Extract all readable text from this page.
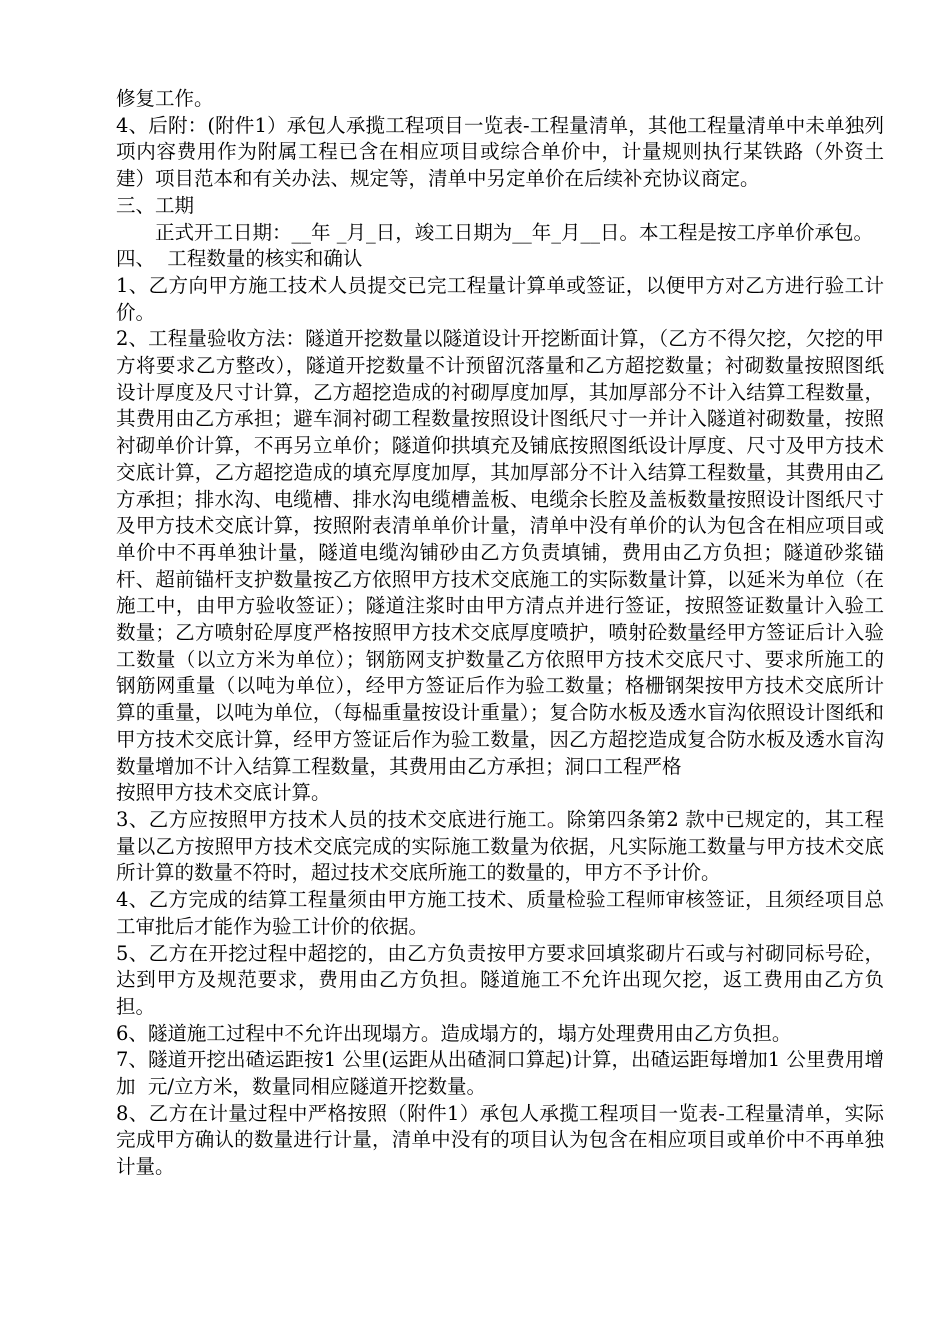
修复工作。

4、后附：(附件1）承包人承揽工程项目一览表-工程量清单，其他工程量清单中未单独列项内容费用作为附属工程已含在相应项目或综合单价中，计量规则执行某铁路（外资土建）项目范本和有关办法、规定等，清单中另定单价在后续补充协议商定。

三、工期

正式开工日期：__年 _月_日，竣工日期为__年_月__日。本工程是按工序单价承包。

四、  工程数量的核实和确认

1、乙方向甲方施工技术人员提交已完工程量计算单或签证，以便甲方对乙方进行验工计价。

2、工程量验收方法：隧道开挖数量以隧道设计开挖断面计算，（乙方不得欠挖，欠挖的甲方将要求乙方整改），隧道开挖数量不计预留沉落量和乙方超挖数量；衬砌数量按照图纸设计厚度及尺寸计算，乙方超挖造成的衬砌厚度加厚，其加厚部分不计入结算工程数量，其费用由乙方承担；避车洞衬砌工程数量按照设计图纸尺寸一并计入隧道衬砌数量，按照衬砌单价计算，不再另立单价；隧道仰拱填充及铺底按照图纸设计厚度、尺寸及甲方技术交底计算，乙方超挖造成的填充厚度加厚，其加厚部分不计入结算工程数量，其费用由乙方承担；排水沟、电缆槽、排水沟电缆槽盖板、电缆余长腔及盖板数量按照设计图纸尺寸及甲方技术交底计算，按照附表清单单价计量，清单中没有单价的认为包含在相应项目或单价中不再单独计量，隧道电缆沟铺砂由乙方负责填铺，费用由乙方负担；隧道砂浆锚杆、超前锚杆支护数量按乙方依照甲方技术交底施工的实际数量计算，以延米为单位（在施工中，由甲方验收签证）；隧道注浆时由甲方清点并进行签证，按照签证数量计入验工数量；乙方喷射砼厚度严格按照甲方技术交底厚度喷护，喷射砼数量经甲方签证后计入验工数量（以立方米为单位）；钢筋网支护数量乙方依照甲方技术交底尺寸、要求所施工的钢筋网重量（以吨为单位），经甲方签证后作为验工数量；格栅钢架按甲方技术交底所计算的重量，以吨为单位，（每榀重量按设计重量）；复合防水板及透水盲沟依照设计图纸和甲方技术交底计算，经甲方签证后作为验工数量，因乙方超挖造成复合防水板及透水盲沟数量增加不计入结算工程数量，其费用由乙方承担；洞口工程严格

按照甲方技术交底计算。

3、乙方应按照甲方技术人员的技术交底进行施工。除第四条第2 款中已规定的，其工程量以乙方按照甲方技术交底完成的实际施工数量为依据，凡实际施工数量与甲方技术交底所计算的数量不符时，超过技术交底所施工的数量的，甲方不予计价。

4、乙方完成的结算工程量须由甲方施工技术、质量检验工程师审核签证，且须经项目总工审批后才能作为验工计价的依据。

5、乙方在开挖过程中超挖的，由乙方负责按甲方要求回填浆砌片石或与衬砌同标号砼，达到甲方及规范要求，费用由乙方负担。隧道施工不允许出现欠挖，返工费用由乙方负担。

6、隧道施工过程中不允许出现塌方。造成塌方的，塌方处理费用由乙方负担。

7、隧道开挖出碴运距按1 公里(运距从出碴洞口算起)计算，出碴运距每增加1 公里费用增加  元/立方米，数量同相应隧道开挖数量。

8、乙方在计量过程中严格按照（附件1）承包人承揽工程项目一览表-工程量清单，实际完成甲方确认的数量进行计量，清单中没有的项目认为包含在相应项目或单价中不再单独计量。
